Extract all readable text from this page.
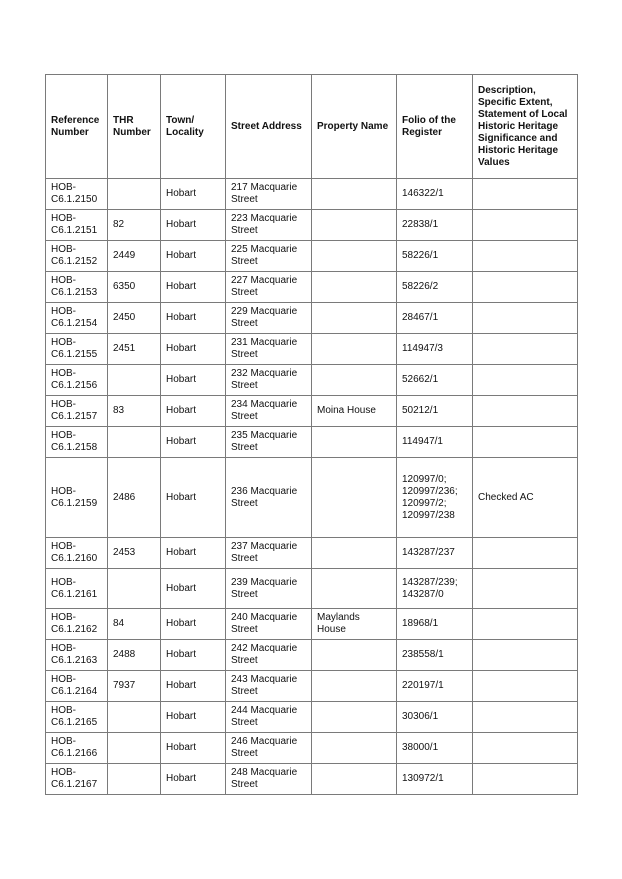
Reference Number	THR Number	Town/ Locality	Street Address	Property Name	Folio of the Register	Description, Specific Extent, Statement of Local Historic Heritage Significance and Historic Heritage Values
HOB-C6.1.2150		Hobart	217 Macquarie Street		146322/1	
HOB-C6.1.2151	82	Hobart	223 Macquarie Street		22838/1	
HOB-C6.1.2152	2449	Hobart	225 Macquarie Street		58226/1	
HOB-C6.1.2153	6350	Hobart	227 Macquarie Street		58226/2	
HOB-C6.1.2154	2450	Hobart	229 Macquarie Street		28467/1	
HOB-C6.1.2155	2451	Hobart	231 Macquarie Street		114947/3	
HOB-C6.1.2156		Hobart	232 Macquarie Street		52662/1	
HOB-C6.1.2157	83	Hobart	234 Macquarie Street	Moina House	50212/1	
HOB-C6.1.2158		Hobart	235 Macquarie Street		114947/1	
HOB-C6.1.2159	2486	Hobart	236 Macquarie Street		120997/0; 120997/236; 120997/2; 120997/238	Checked AC
HOB-C6.1.2160	2453	Hobart	237 Macquarie Street		143287/237	
HOB-C6.1.2161		Hobart	239 Macquarie Street		143287/239; 143287/0	
HOB-C6.1.2162	84	Hobart	240 Macquarie Street	Maylands House	18968/1	
HOB-C6.1.2163	2488	Hobart	242 Macquarie Street		238558/1	
HOB-C6.1.2164	7937	Hobart	243 Macquarie Street		220197/1	
HOB-C6.1.2165		Hobart	244 Macquarie Street		30306/1	
HOB-C6.1.2166		Hobart	246 Macquarie Street		38000/1	
HOB-C6.1.2167		Hobart	248 Macquarie Street		130972/1	
